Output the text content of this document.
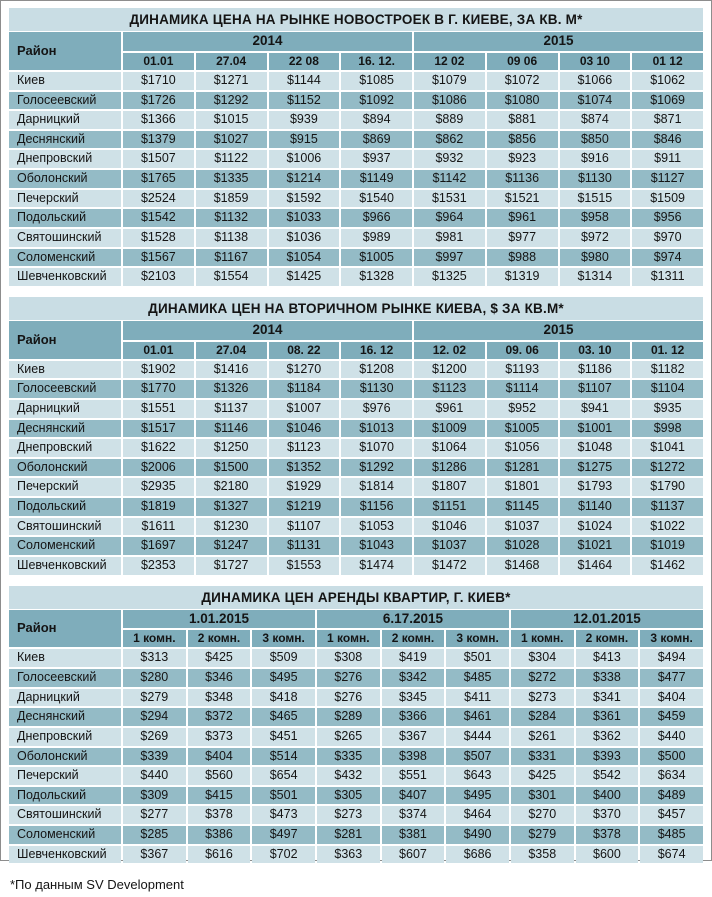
ДИНАМИКА ЦЕНА НА РЫНКЕ НОВОСТРОЕК В Г. КИЕВЕ, ЗА КВ. М*
Район	2014				2015			
	01.01	27.04	22 08	16. 12.	12 02	09 06	03 10	01 12
Киев	$1710	$1271	$1144	$1085	$1079	$1072	$1066	$1062
Голосеевский	$1726	$1292	$1152	$1092	$1086	$1080	$1074	$1069
Дарницкий	$1366	$1015	$939	$894	$889	$881	$874	$871
Деснянский	$1379	$1027	$915	$869	$862	$856	$850	$846
Днепровский	$1507	$1122	$1006	$937	$932	$923	$916	$911
Оболонский	$1765	$1335	$1214	$1149	$1142	$1136	$1130	$1127
Печерский	$2524	$1859	$1592	$1540	$1531	$1521	$1515	$1509
Подольский	$1542	$1132	$1033	$966	$964	$961	$958	$956
Святошинский	$1528	$1138	$1036	$989	$981	$977	$972	$970
Соломенский	$1567	$1167	$1054	$1005	$997	$988	$980	$974
Шевченковский	$2103	$1554	$1425	$1328	$1325	$1319	$1314	$1311
ДИНАМИКА ЦЕН НА ВТОРИЧНОМ РЫНКЕ КИЕВА, $ ЗА КВ.М*
Район	2014				2015			
	01.01	27.04	08. 22	16. 12	12. 02	09. 06	03. 10	01. 12
Киев	$1902	$1416	$1270	$1208	$1200	$1193	$1186	$1182
Голосеевский	$1770	$1326	$1184	$1130	$1123	$1114	$1107	$1104
Дарницкий	$1551	$1137	$1007	$976	$961	$952	$941	$935
Деснянский	$1517	$1146	$1046	$1013	$1009	$1005	$1001	$998
Днепровский	$1622	$1250	$1123	$1070	$1064	$1056	$1048	$1041
Оболонский	$2006	$1500	$1352	$1292	$1286	$1281	$1275	$1272
Печерский	$2935	$2180	$1929	$1814	$1807	$1801	$1793	$1790
Подольский	$1819	$1327	$1219	$1156	$1151	$1145	$1140	$1137
Святошинский	$1611	$1230	$1107	$1053	$1046	$1037	$1024	$1022
Соломенский	$1697	$1247	$1131	$1043	$1037	$1028	$1021	$1019
Шевченковский	$2353	$1727	$1553	$1474	$1472	$1468	$1464	$1462
ДИНАМИКА ЦЕН АРЕНДЫ КВАРТИР, Г. КИЕВ*
Район	1.01.2015			6.17.2015			12.01.2015		
	1 комн.	2 комн.	3 комн.	1 комн.	2 комн.	3 комн.	1 комн.	2 комн.	3 комн.
Киев	$313	$425	$509	$308	$419	$501	$304	$413	$494
Голосеевский	$280	$346	$495	$276	$342	$485	$272	$338	$477
Дарницкий	$279	$348	$418	$276	$345	$411	$273	$341	$404
Деснянский	$294	$372	$465	$289	$366	$461	$284	$361	$459
Днепровский	$269	$373	$451	$265	$367	$444	$261	$362	$440
Оболонский	$339	$404	$514	$335	$398	$507	$331	$393	$500
Печерский	$440	$560	$654	$432	$551	$643	$425	$542	$634
Подольский	$309	$415	$501	$305	$407	$495	$301	$400	$489
Святошинский	$277	$378	$473	$273	$374	$464	$270	$370	$457
Соломенский	$285	$386	$497	$281	$381	$490	$279	$378	$485
Шевченковский	$367	$616	$702	$363	$607	$686	$358	$600	$674
*По данным SV Development
